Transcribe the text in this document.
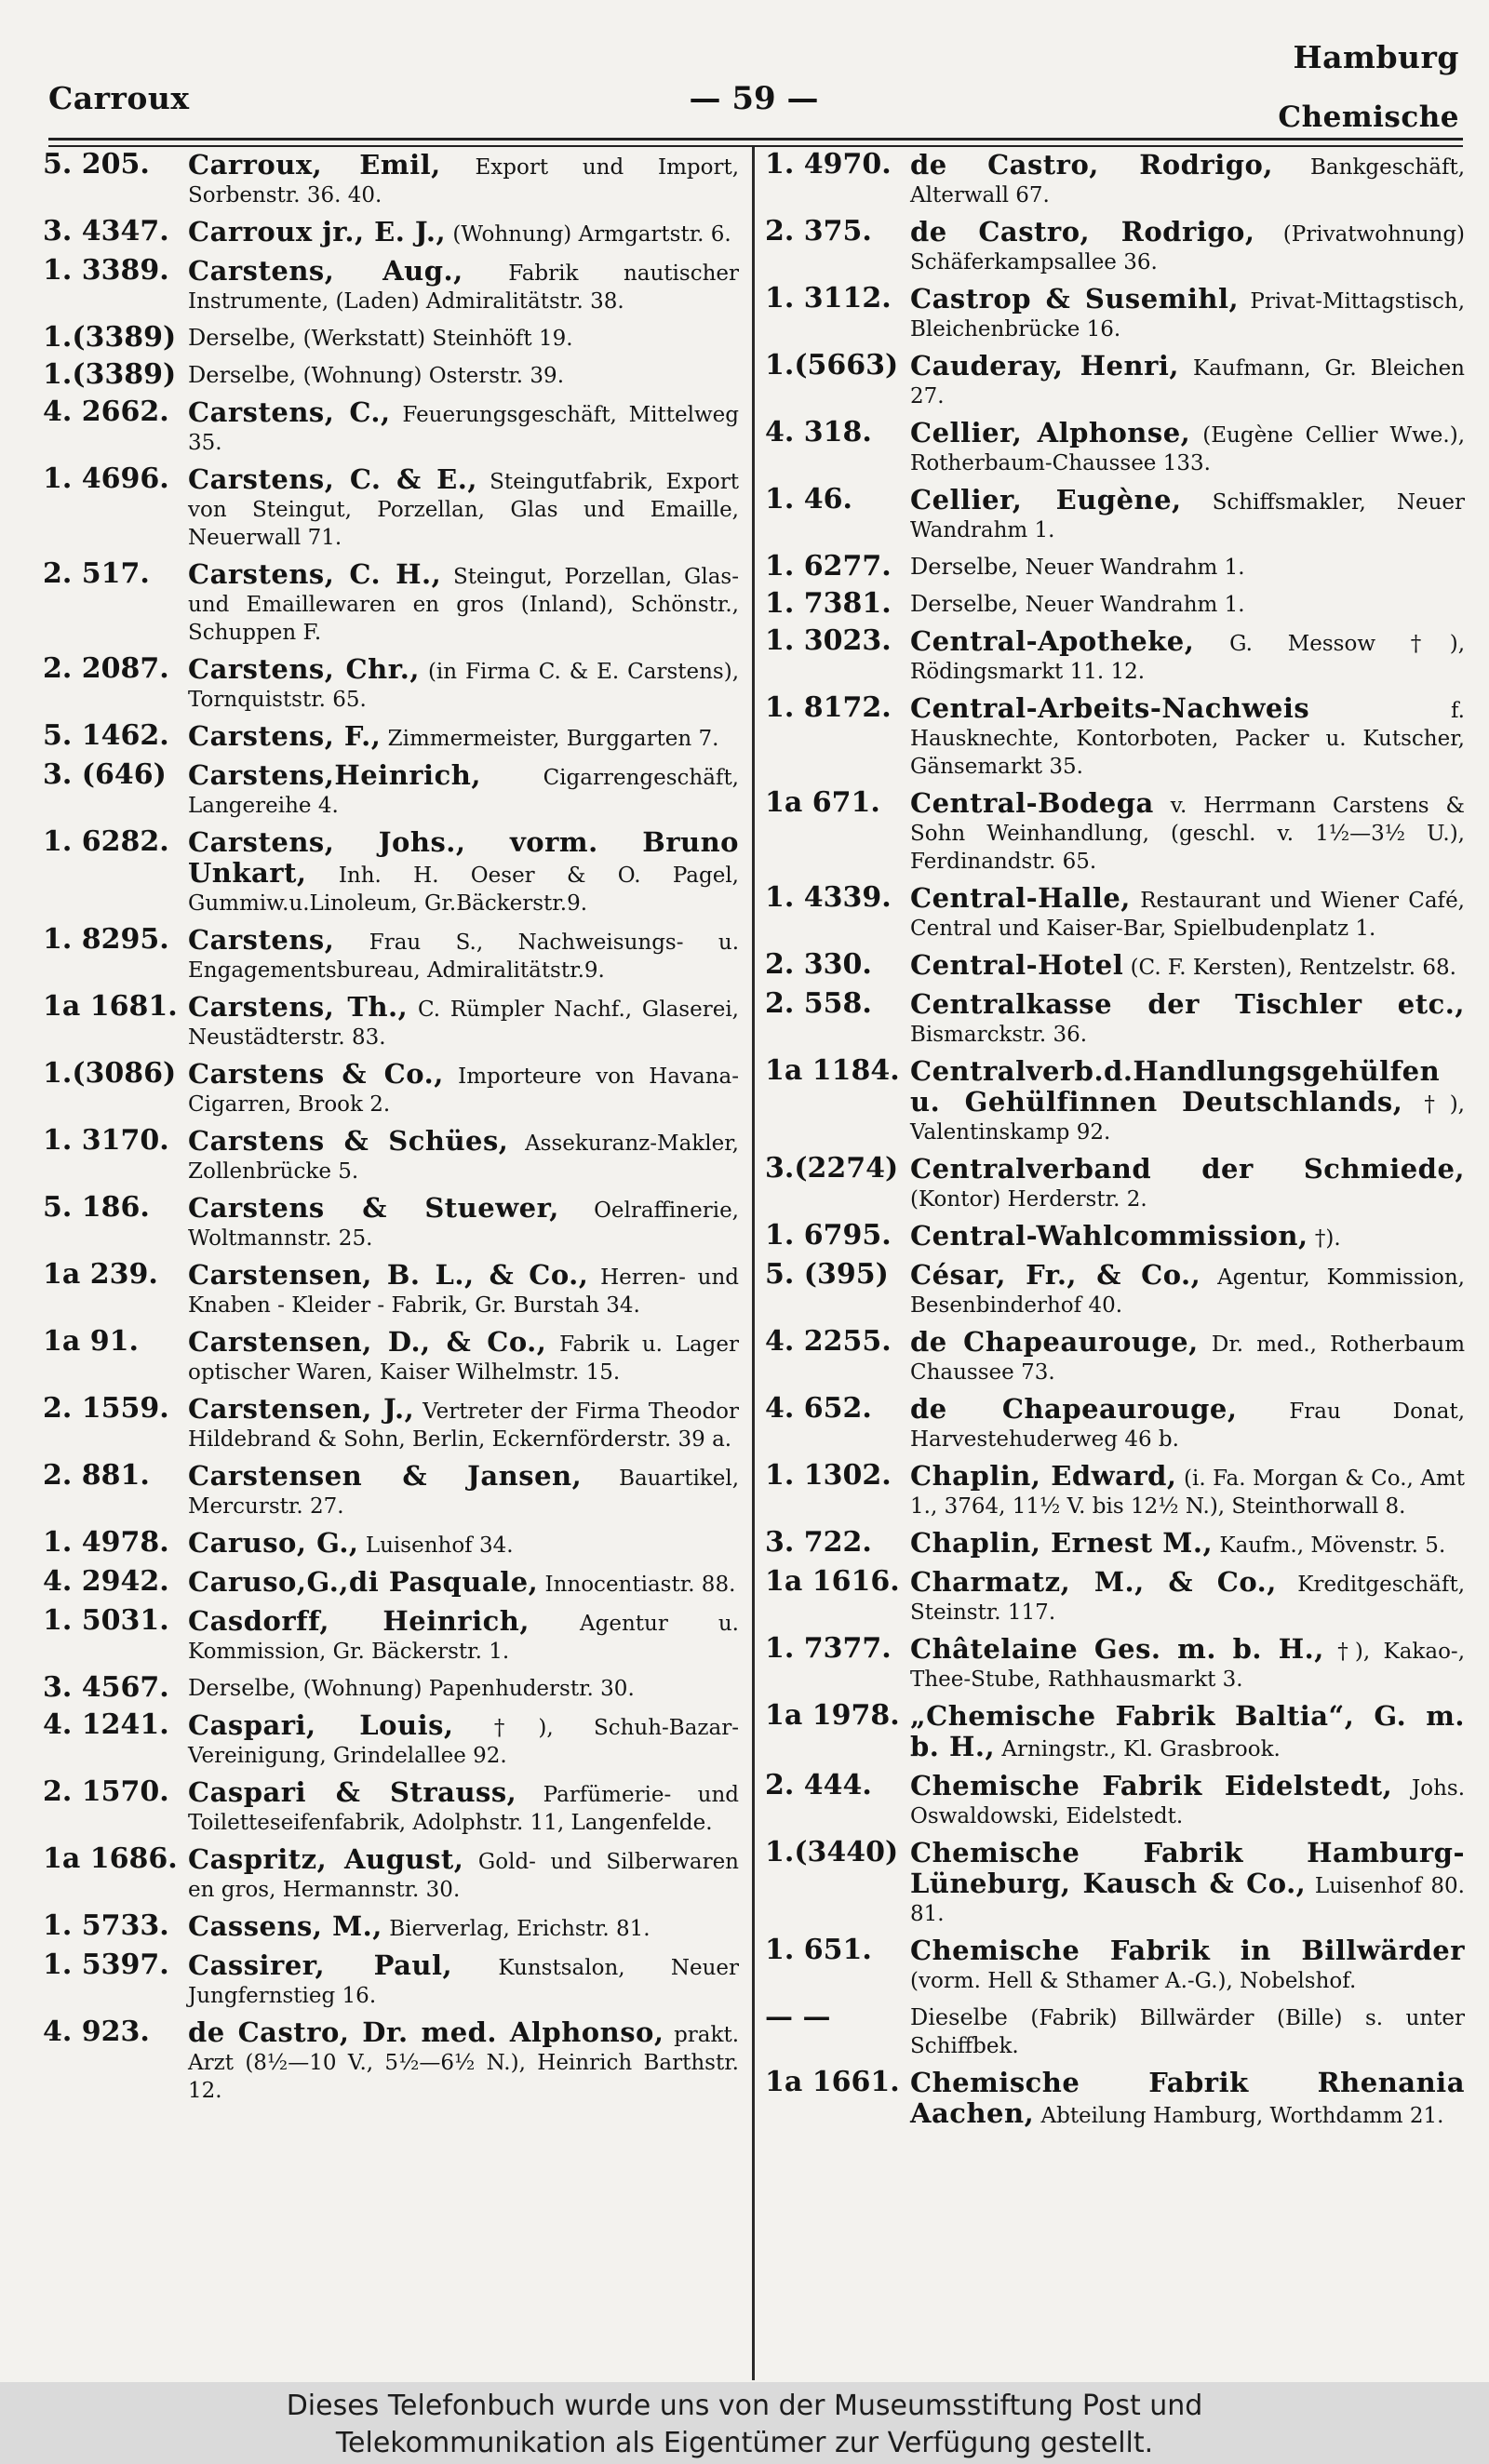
Carroux	— 59 —
Hamburg
Chemische
5. 205. Carroux, Emil, Export und Import, Sorbenstr. 36. 40.
3. 4347. Carroux jr., E. J., (Wohnung) Armgartstr. 6.
1. 3389. Carstens, Aug., Fabrik nautischer Instrumente, (Laden) Admiralitätstr. 38.
1.(3389) Derselbe, (Werkstatt) Steinhöft 19.
1.(3389) Derselbe, (Wohnung) Osterstr. 39.
4. 2662. Carstens, C., Feuerungsgeschäft, Mittelweg 35.
1. 4696. Carstens, C. & E., Steingutfabrik, Export von Steingut, Porzellan, Glas und Emaille, Neuerwall 71.
2. 517. Carstens, C. H., Steingut, Porzellan, Glas- und Emaillewaren en gros (Inland), Schönstr., Schuppen F.
2. 2087. Carstens, Chr., (in Firma C. & E. Carstens), Tornquiststr. 65.
5. 1462. Carstens, F., Zimmermeister, Burggarten 7.
3. (646) Carstens,Heinrich,	Cigarrengeschäft, Langereihe 4.
1. 6282. Carstens, Johs., vorm. Bruno Unkart, Inh. H. Oeser & O. Pagel, Gummiw.u.Linoleum, Gr.Bäckerstr.9.
1. 8295. Carstens, Frau S., Nachweisungs- u. Engagementsbureau, Admiralitätstr.9.
1a 1681. Carstens, Th., C. Rümpler Nachf., Glaserei, Neustädterstr. 83.
1.(3086) Carstens & Co., Importeure von Havana-Cigarren, Brook 2.
1. 3170. Carstens & Schües, Assekuranz-Makler, Zollenbrücke 5.
5. 186. Carstens & Stuewer, Oelraffinerie, Woltmannstr. 25.
1a 239. Carstensen, B. L., & Co., Herren- und Knaben - Kleider - Fabrik, Gr. Burstah 34.
1a 91. Carstensen, D., & Co., Fabrik u. Lager optischer Waren, Kaiser Wilhelmstr. 15.
2. 1559. Carstensen, J., Vertreter der Firma Theodor Hildebrand & Sohn, Berlin, Eckernförderstr. 39 a.
2. 881. Carstensen & Jansen, Bauartikel, Mercurstr. 27.
1. 4978. Caruso, G., Luisenhof 34.
4. 2942. Caruso,G.,di Pasquale, Innocentiastr. 88.
1. 5031. Casdorff, Heinrich, Agentur u. Kommission, Gr. Bäckerstr. 1.
3. 4567. Derselbe, (Wohnung) Papenhuderstr. 30.
4. 1241. Caspari, Louis, †), Schuh-Bazar-Vereinigung, Grindelallee 92.
2. 1570. Caspari & Strauss, Parfümerie- und Toiletteseifenfabrik, Adolphstr. 11, Langenfelde.
1a 1686. Caspritz, August, Gold- und Silberwaren en gros, Hermannstr. 30.
1. 5733. Cassens, M., Bierverlag, Erichstr. 81.
1. 5397. Cassirer, Paul, Kunstsalon, Neuer Jungfernstieg 16.
4. 923. de Castro, Dr. med. Alphonso, prakt. Arzt (8½—10 V., 5½—6½ N.), Heinrich Barthstr. 12.
1. 4970. de Castro, Rodrigo, Bankgeschäft, Alterwall 67.
2. 375. de Castro, Rodrigo, (Privatwohnung) Schäferkampsallee 36.
1. 3112. Castrop & Susemihl, Privat-Mittagstisch, Bleichenbrücke 16.
1.(5663) Cauderay, Henri, Kaufmann, Gr. Bleichen 27.
4. 318. Cellier, Alphonse, (Eugène Cellier Wwe.), Rotherbaum-Chaussee 133.
1. 46. Cellier, Eugène, Schiffsmakler, Neuer Wandrahm 1.
1. 6277. Derselbe, Neuer Wandrahm 1.
1. 7381. Derselbe, Neuer Wandrahm 1.
1. 3023. Central-Apotheke, G. Messow †), Rödingsmarkt 11. 12.
1. 8172. Central-Arbeits-Nachweis	f. Hausknechte, Kontorboten, Packer u. Kutscher, Gänsemarkt 35.
1a 671. Central-Bodega v. Herrmann Carstens & Sohn Weinhandlung, (geschl. v. 1½—3½ U.), Ferdinandstr. 65.
1. 4339. Central-Halle, Restaurant und Wiener Café, Central und Kaiser-Bar, Spielbudenplatz 1.
2. 330. Central-Hotel (C. F. Kersten), Rentzelstr. 68.
2. 558. Centralkasse der Tischler etc., Bismarckstr. 36.
1a 1184. Centralverb.d.Handlungsgehülfen u. Gehülfinnen Deutschlands, †), Valentinskamp 92.
3.(2274) Centralverband der Schmiede, (Kontor) Herderstr. 2.
1. 6795. Central-Wahlcommission, †).
5. (395) César, Fr., & Co., Agentur, Kommission, Besenbinderhof 40.
4. 2255. de Chapeaurouge, Dr. med., Rotherbaum Chaussee 73.
4. 652. de Chapeaurouge, Frau Donat, Harvestehuderweg 46 b.
1. 1302. Chaplin, Edward, (i. Fa. Morgan & Co., Amt 1., 3764, 11½ V. bis 12½ N.), Steinthorwall 8.
3. 722. Chaplin, Ernest M., Kaufm., Mövenstr. 5.
1a 1616. Charmatz, M., & Co., Kreditgeschäft, Steinstr. 117.
1. 7377. Châtelaine Ges. m. b. H., †), Kakao-, Thee-Stube, Rathhausmarkt 3.
1a 1978. „Chemische Fabrik Baltia“, G. m. b. H., Arningstr., Kl. Grasbrook.
2. 444. Chemische Fabrik Eidelstedt, Johs. Oswaldowski, Eidelstedt.
1.(3440) Chemische Fabrik Hamburg-Lüneburg, Kausch & Co., Luisenhof 80. 81.
1. 651. Chemische Fabrik in Billwärder (vorm. Hell & Sthamer A.-G.), Nobelshof.
— —	Dieselbe (Fabrik) Billwärder (Bille) s. unter Schiffbek.
1a 1661. Chemische Fabrik Rhenania Aachen, Abteilung Hamburg, Worthdamm 21.
Dieses Telefonbuch wurde uns von der Museumsstiftung Post und
Telekommunikation als Eigentümer zur Verfügung gestellt.
